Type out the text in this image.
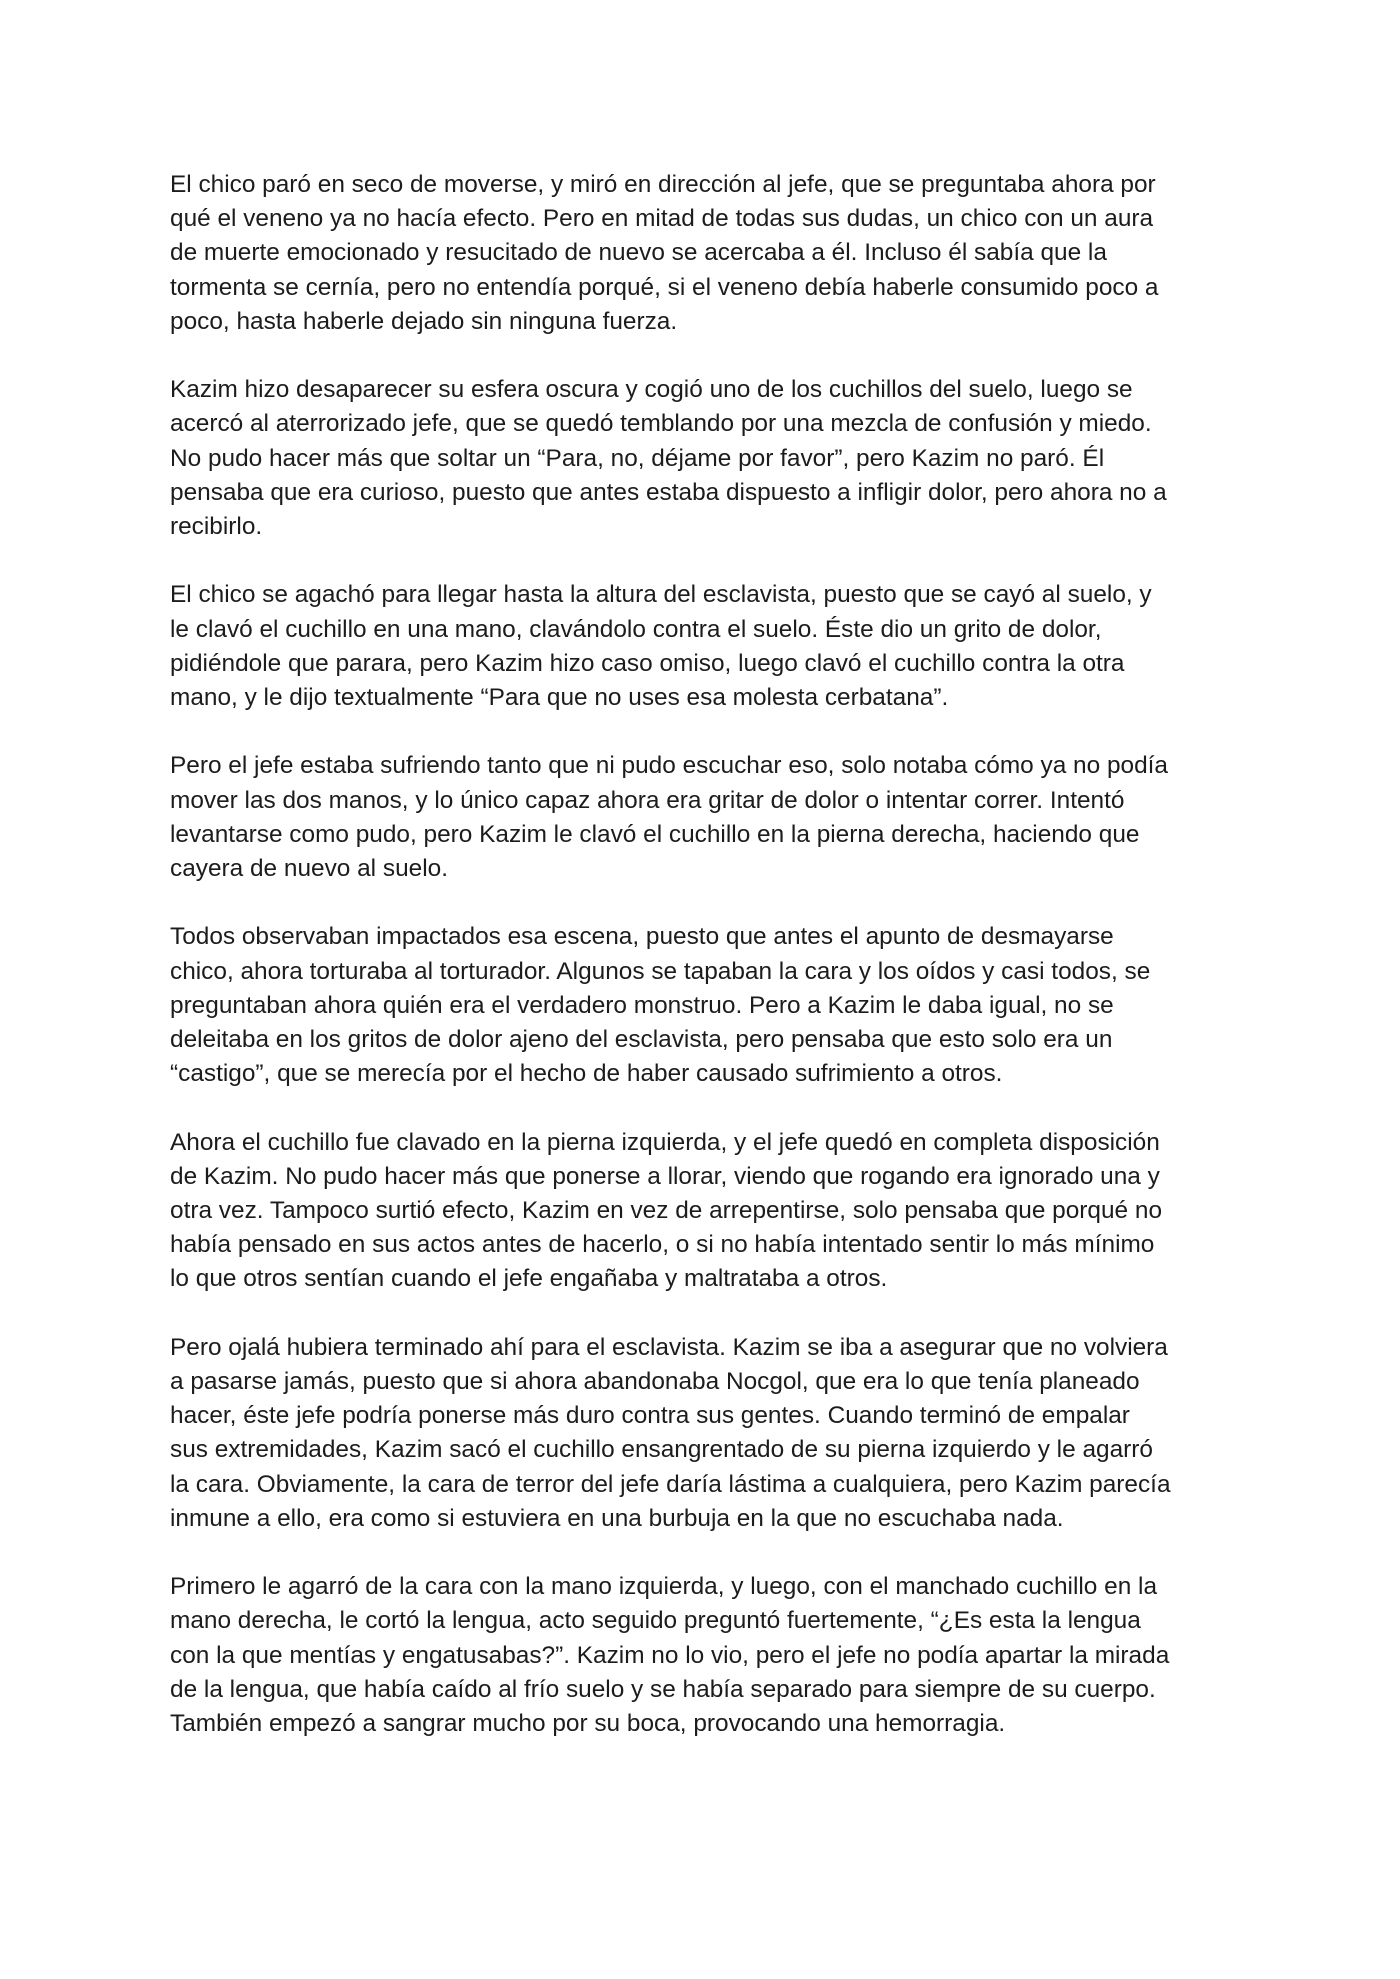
El chico paró en seco de moverse, y miró en dirección al jefe, que se preguntaba ahora por
qué el veneno ya no hacía efecto. Pero en mitad de todas sus dudas, un chico con un aura
de muerte emocionado y resucitado de nuevo se acercaba a él. Incluso él sabía que la
tormenta se cernía, pero no entendía porqué, si el veneno debía haberle consumido poco a
poco, hasta haberle dejado sin ninguna fuerza.

Kazim hizo desaparecer su esfera oscura y cogió uno de los cuchillos del suelo, luego se
acercó al aterrorizado jefe, que se quedó temblando por una mezcla de confusión y miedo.
No pudo hacer más que soltar un “Para, no, déjame por favor”, pero Kazim no paró. Él
pensaba que era curioso, puesto que antes estaba dispuesto a infligir dolor, pero ahora no a
recibirlo.

El chico se agachó para llegar hasta la altura del esclavista, puesto que se cayó al suelo, y
le clavó el cuchillo en una mano, clavándolo contra el suelo. Éste dio un grito de dolor,
pidiéndole que parara, pero Kazim hizo caso omiso, luego clavó el cuchillo contra la otra
mano, y le dijo textualmente “Para que no uses esa molesta cerbatana”.

Pero el jefe estaba sufriendo tanto que ni pudo escuchar eso, solo notaba cómo ya no podía
mover las dos manos, y lo único capaz ahora era gritar de dolor o intentar correr. Intentó
levantarse como pudo, pero Kazim le clavó el cuchillo en la pierna derecha, haciendo que
cayera de nuevo al suelo.

Todos observaban impactados esa escena, puesto que antes el apunto de desmayarse
chico, ahora torturaba al torturador. Algunos se tapaban la cara y los oídos y casi todos, se
preguntaban ahora quién era el verdadero monstruo. Pero a Kazim le daba igual, no se
deleitaba en los gritos de dolor ajeno del esclavista, pero pensaba que esto solo era un
“castigo”, que se merecía por el hecho de haber causado sufrimiento a otros.

Ahora el cuchillo fue clavado en la pierna izquierda, y el jefe quedó en completa disposición
de Kazim. No pudo hacer más que ponerse a llorar, viendo que rogando era ignorado una y
otra vez. Tampoco surtió efecto, Kazim en vez de arrepentirse, solo pensaba que porqué no
había pensado en sus actos antes de hacerlo, o si no había intentado sentir lo más mínimo
lo que otros sentían cuando el jefe engañaba y maltrataba a otros.

Pero ojalá hubiera terminado ahí para el esclavista. Kazim se iba a asegurar que no volviera
a pasarse jamás, puesto que si ahora abandonaba Nocgol, que era lo que tenía planeado
hacer, éste jefe podría ponerse más duro contra sus gentes. Cuando terminó de empalar
sus extremidades, Kazim sacó el cuchillo ensangrentado de su pierna izquierdo y le agarró
la cara. Obviamente, la cara de terror del jefe daría lástima a cualquiera, pero Kazim parecía
inmune a ello, era como si estuviera en una burbuja en la que no escuchaba nada.

Primero le agarró de la cara con la mano izquierda, y luego, con el manchado cuchillo en la
mano derecha, le cortó la lengua, acto seguido preguntó fuertemente, “¿Es esta la lengua
con la que mentías y engatusabas?”. Kazim no lo vio, pero el jefe no podía apartar la mirada
de la lengua, que había caído al frío suelo y se había separado para siempre de su cuerpo.
También empezó a sangrar mucho por su boca, provocando una hemorragia.
